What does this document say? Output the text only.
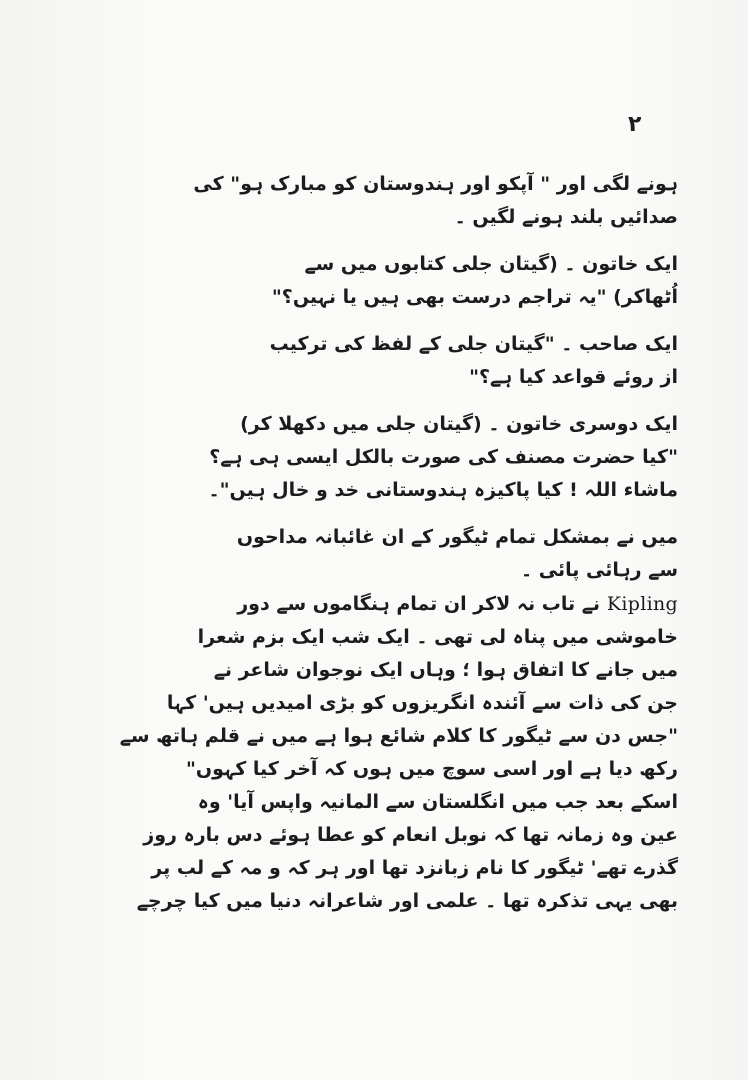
۲

ہونے لگی اور " آپکو اور ہندوستان کو مبارک ہو" کی
صدائیں بلند ہونے لگیں ۔

ایک خاتون ۔ (گیتان جلی کتابوں میں سے
اُٹھاکر) "یہ تراجم درست بھی ہیں یا نہیں؟"

ایک صاحب ۔ "گیتان جلی کے لفظ کی ترکیب
از روئے قواعد کیا ہے؟"

ایک دوسری خاتون ۔ (گیتان جلی میں دکھلا کر)
"کیا حضرت مصنف کی صورت بالکل ایسی ہی ہے؟
ماشاء اللہ ! کیا پاکیزہ ہندوستانی خد و خال ہیں"۔

میں نے بمشکل تمام ٹیگور کے ان غائبانہ مداحوں
سے رہائی پائی ۔

Kipling نے تاب نہ لاکر ان تمام ہنگاموں سے دور
خاموشی میں پناہ لی تھی ۔ ایک شب ایک بزم شعرا
میں جانے کا اتفاق ہوا ؛ وہاں ایک نوجوان شاعر نے
جن کی ذات سے آئندہ انگریزوں کو بڑی امیدیں ہیں' کہا
"جس دن سے ٹیگور کا کلام شائع ہوا ہے میں نے قلم ہاتھ سے
رکھ دیا ہے اور اسی سوچ میں ہوں کہ آخر کیا کہوں"
اسکے بعد جب میں انگلستان سے المانیہ واپس آیا' وہ
عین وہ زمانہ تھا کہ نوبل انعام کو عطا ہوئے دس بارہ روز
گذرے تھے' ٹیگور کا نام زبانزد تھا اور ہر کہ و مہ کے لب پر
بھی یہی تذکرہ تھا ۔ علمی اور شاعرانہ دنیا میں کیا چرچے
